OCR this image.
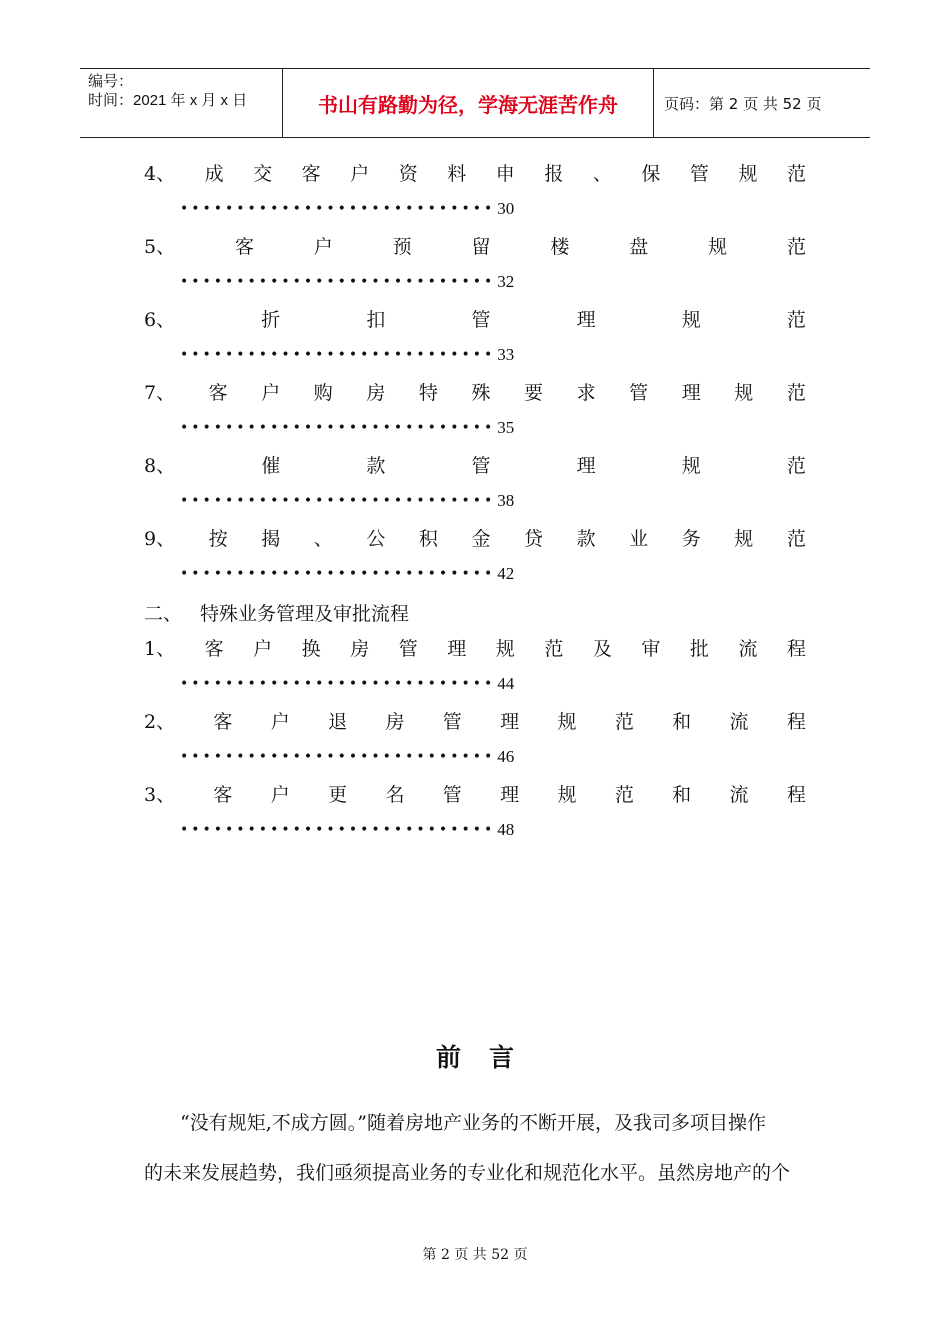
编号：
时间：2021 年 x 月 x 日	书山有路勤为径，学海无涯苦作舟	页码：第 2 页 共 52 页
4、 成 交 客 户 资 料 申 报 、 保 管 规 范
•••••••••••••••••••••••••••• 30
5、	客	户	预	留	楼	盘	规	范
•••••••••••••••••••••••••••• 32
6、	折	扣	管	理	规	范
•••••••••••••••••••••••••••• 33
7、 客 户 购 房 特 殊 要 求 管 理 规 范
•••••••••••••••••••••••••••• 35
8、	催	款	管	理	规	范
•••••••••••••••••••••••••••• 38
9、 按 揭 、 公 积 金 贷 款 业 务 规 范
•••••••••••••••••••••••••••• 42
二、 特殊业务管理及审批流程
1、 客 户 换 房 管 理 规 范 及 审 批 流 程
•••••••••••••••••••••••••••• 44
2、 客 户 退 房 管 理 规 范 和 流 程
•••••••••••••••••••••••••••• 46
3、 客 户 更 名 管 理 规 范 和 流 程
•••••••••••••••••••••••••••• 48
前言
“没有规矩,不成方圆。”随着房地产业务的不断开展，及我司多项目操作
的未来发展趋势，我们亟须提高业务的专业化和规范化水平。虽然房地产的个
第 2 页 共 52 页
